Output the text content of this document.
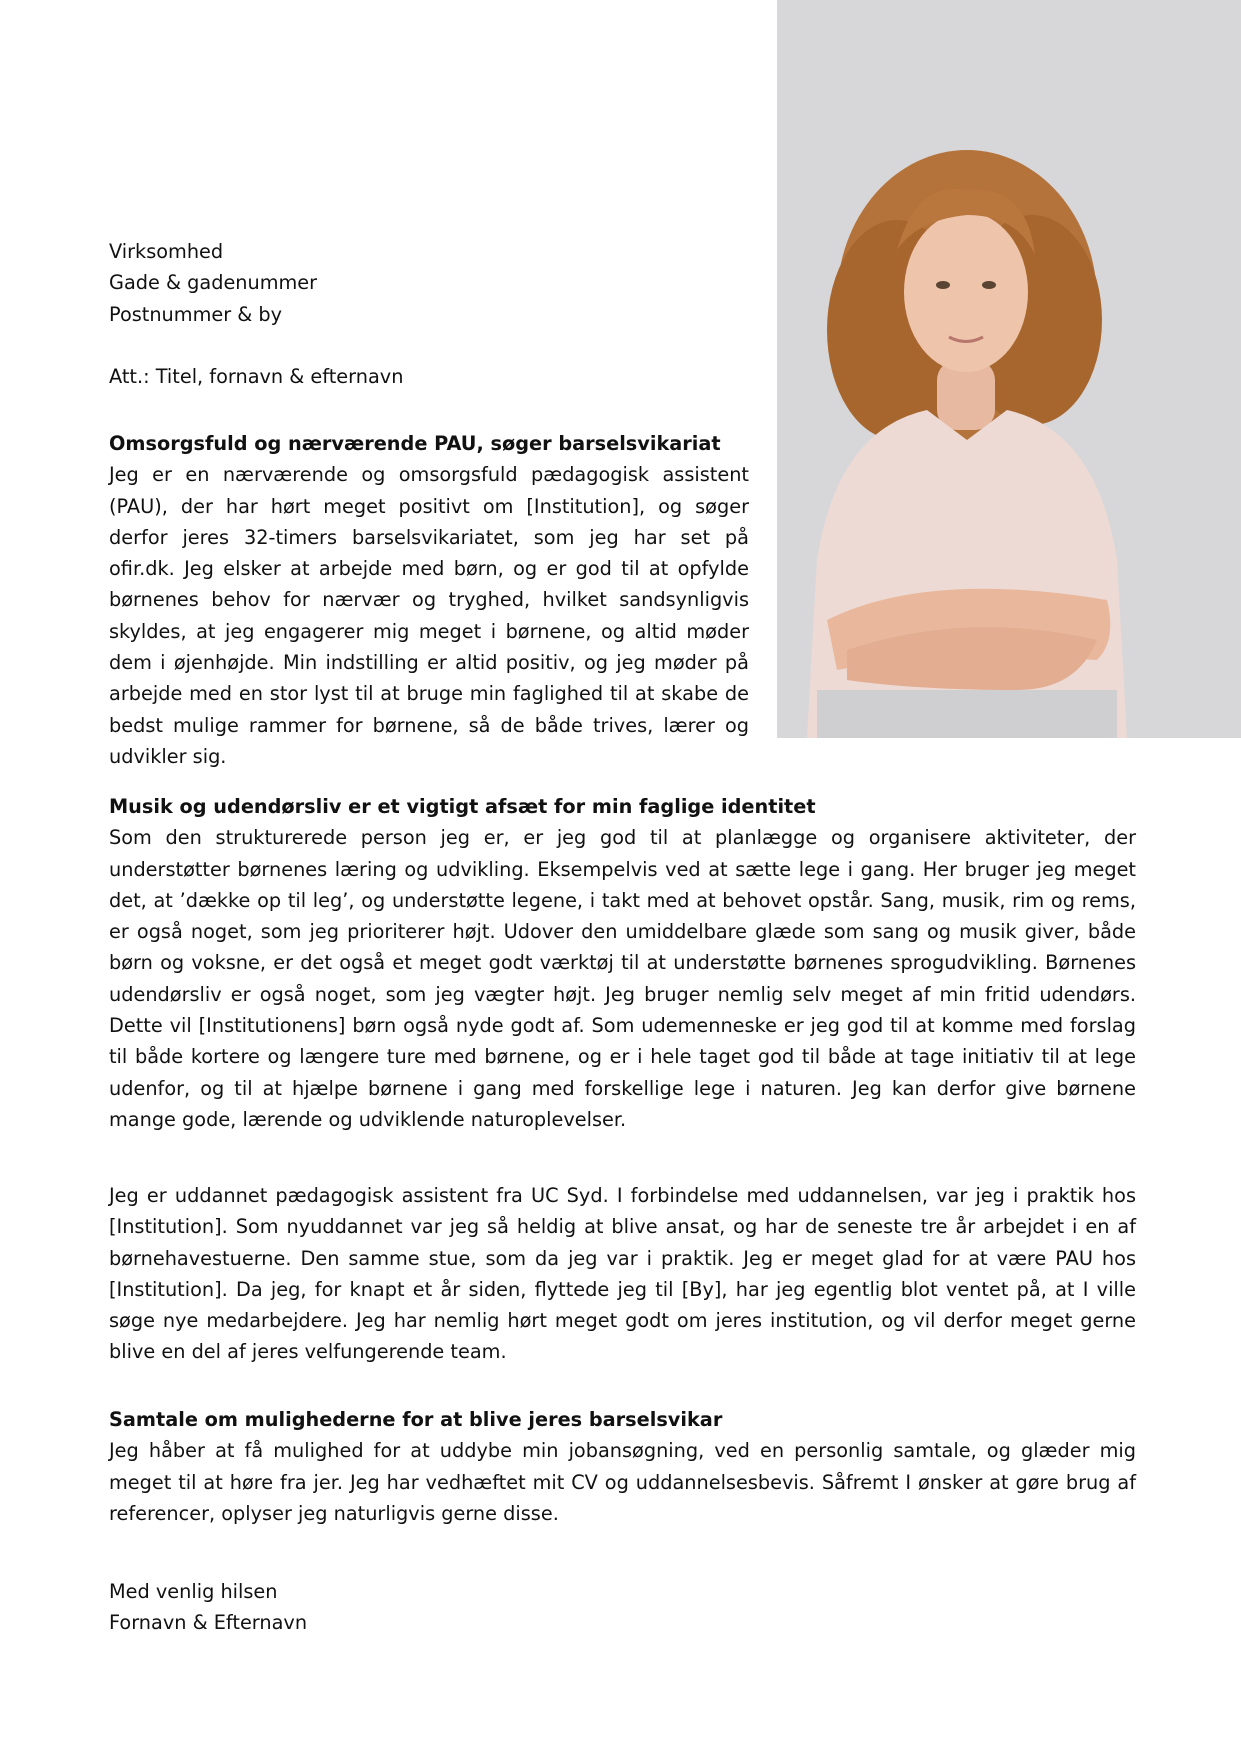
Virksomhed
Gade & gadenummer
Postnummer & by
Att.: Titel, fornavn & efternavn
Omsorgsfuld og nærværende PAU, søger barselsvikariat
Jeg er en nærværende og omsorgsfuld pædagogisk assistent (PAU), der har hørt meget positivt om [Institution], og søger derfor jeres 32-timers barselsvikariatet, som jeg har set på ofir.dk. Jeg elsker at arbejde med børn, og er god til at opfylde børnenes behov for nærvær og tryghed, hvilket sandsynligvis skyldes, at jeg engagerer mig meget i børnene, og altid møder dem i øjenhøjde. Min indstilling er altid positiv, og jeg møder på arbejde med en stor lyst til at bruge min faglighed til at skabe de bedst mulige rammer for børnene, så de både trives, lærer og udvikler sig.
Musik og udendørsliv er et vigtigt afsæt for min faglige identitet
Som den strukturerede person jeg er, er jeg god til at planlægge og organisere aktiviteter, der understøtter børnenes læring og udvikling. Eksempelvis ved at sætte lege i gang. Her bruger jeg meget det, at ’dække op til leg’, og understøtte legene, i takt med at behovet opstår. Sang, musik, rim og rems, er også noget, som jeg prioriterer højt. Udover den umiddelbare glæde som sang og musik giver, både børn og voksne, er det også et meget godt værktøj til at understøtte børnenes sprogudvikling. Børnenes udendørsliv er også noget, som jeg vægter højt. Jeg bruger nemlig selv meget af min fritid udendørs. Dette vil [Institutionens] børn også nyde godt af. Som udemenneske er jeg god til at komme med forslag til både kortere og længere ture med børnene, og er i hele taget god til både at tage initiativ til at lege udenfor, og til at hjælpe børnene i gang med forskellige lege i naturen. Jeg kan derfor give børnene mange gode, lærende og udviklende naturoplevelser.
Jeg er uddannet pædagogisk assistent fra UC Syd. I forbindelse med uddannelsen, var jeg i praktik hos [Institution]. Som nyuddannet var jeg så heldig at blive ansat, og har de seneste tre år arbejdet i en af børnehavestuerne. Den samme stue, som da jeg var i praktik. Jeg er meget glad for at være PAU hos [Institution]. Da jeg, for knapt et år siden, flyttede jeg til [By], har jeg egentlig blot ventet på, at I ville søge nye medarbejdere. Jeg har nemlig hørt meget godt om jeres institution, og vil derfor meget gerne blive en del af jeres velfungerende team.
Samtale om mulighederne for at blive jeres barselsvikar
Jeg håber at få mulighed for at uddybe min jobansøgning, ved en personlig samtale, og glæder mig meget til at høre fra jer. Jeg har vedhæftet mit CV og uddannelsesbevis. Såfremt I ønsker at gøre brug af referencer, oplyser jeg naturligvis gerne disse.
Med venlig hilsen
Fornavn & Efternavn
